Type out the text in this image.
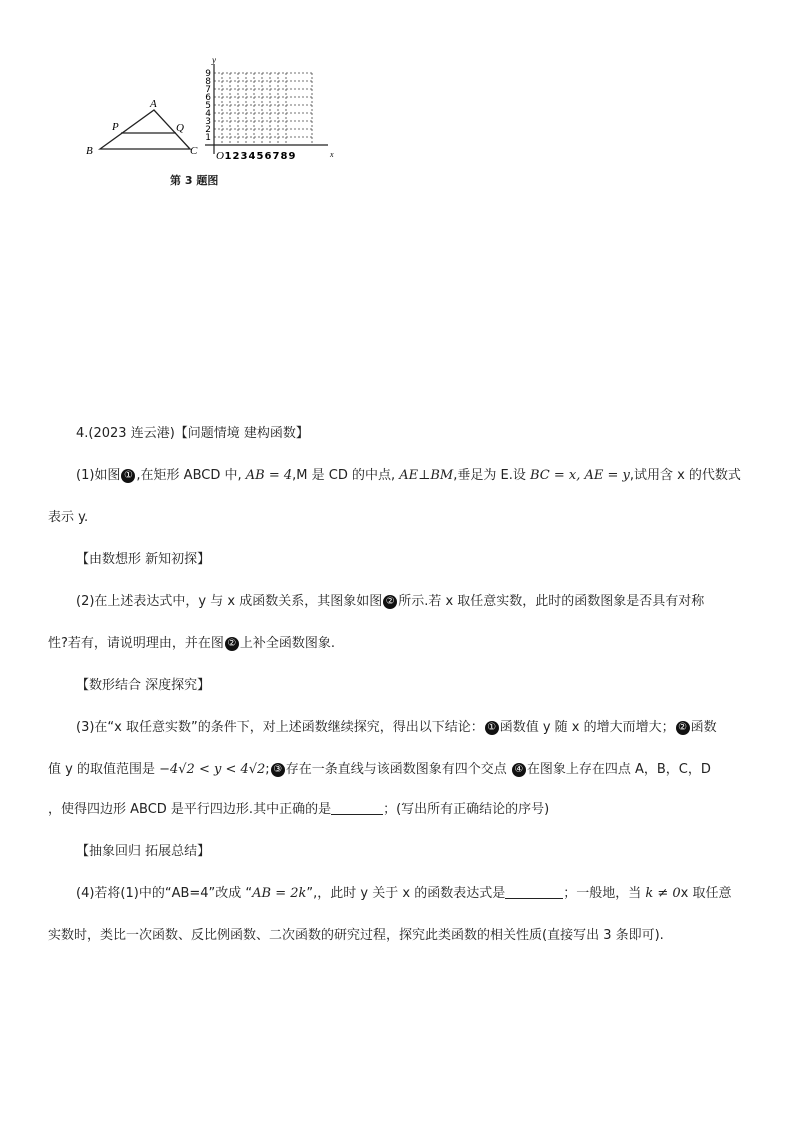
A
B	C
P	Q
y
x
O 1 2 3 4 5 6 7 8 9
1
2
3
4
5
6
7
8
9
第 3 题图
4.(2023 连云港)【问题情境 建构函数】
(1)如图 ① ,在矩形 ABCD 中, AB = 4,M 是 CD 的中点, AE⊥BM,垂足为 E.设 BC = x, AE = y,试用含 x 的代数式
表示 y.
【由数想形 新知初探】
(2)在上述表达式中，y 与 x 成函数关系，其图象如图 ② 所示.若 x 取任意实数，此时的函数图象是否具有对称
性?若有，请说明理由，并在图 ② 上补全函数图象.
【数形结合 深度探究】
(3)在“x 取任意实数”的条件下，对上述函数继续探究，得出以下结论： ① 函数值 y 随 x 的增大而增大； ② 函数
值 y 的取值范围是 −4√2 < y < 4√2; ③ 存在一条直线与该函数图象有四个交点 ④ 在图象上存在四点 A，B，C，D
，使得四边形 ABCD 是平行四边形.其中正确的是	；(写出所有正确结论的序号)
【抽象回归 拓展总结】
(4)若将(1)中的“AB=4”改成 “AB = 2k”,，此时 y 关于 x 的函数表达式是	；一般地，当 k ≠ 0x 取任意
实数时，类比一次函数、反比例函数、二次函数的研究过程，探究此类函数的相关性质(直接写出 3 条即可).
